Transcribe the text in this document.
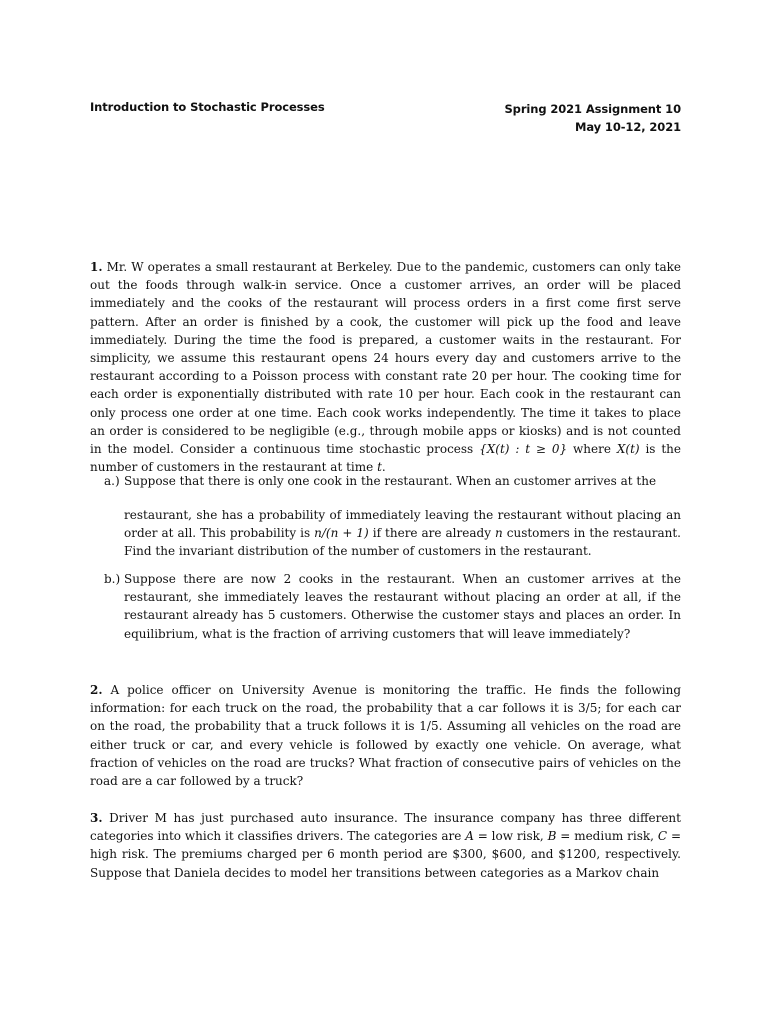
Introduction to Stochastic Processes	Spring 2021 Assignment 10
May 10-12, 2021

1. Mr. W operates a small restaurant at Berkeley. Due to the pandemic, customers can only take out the foods through walk-in service. Once a customer arrives, an order will be placed immediately and the cooks of the restaurant will process orders in a first come first serve pattern. After an order is finished by a cook, the customer will pick up the food and leave immediately. During the time the food is prepared, a customer waits in the restaurant. For simplicity, we assume this restaurant opens 24 hours every day and customers arrive to the restaurant according to a Poisson process with constant rate 20 per hour. The cooking time for each order is exponentially distributed with rate 10 per hour. Each cook in the restaurant can only process one order at one time. Each cook works independently. The time it takes to place an order is considered to be negligible (e.g., through mobile apps or kiosks) and is not counted in the model. Consider a continuous time stochastic process {X(t) : t ≥ 0} where X(t) is the number of customers in the restaurant at time t.

a.) Suppose that there is only one cook in the restaurant. When an customer arrives at the

restaurant, she has a probability of immediately leaving the restaurant without placing an order at all. This probability is n/(n + 1) if there are already n customers in the restaurant. Find the invariant distribution of the number of customers in the restaurant.

b.) Suppose there are now 2 cooks in the restaurant. When an customer arrives at the restaurant, she immediately leaves the restaurant without placing an order at all, if the restaurant already has 5 customers. Otherwise the customer stays and places an order. In equilibrium, what is the fraction of arriving customers that will leave immediately?

2. A police officer on University Avenue is monitoring the traffic. He finds the following information: for each truck on the road, the probability that a car follows it is 3/5; for each car on the road, the probability that a truck follows it is 1/5. Assuming all vehicles on the road are either truck or car, and every vehicle is followed by exactly one vehicle. On average, what fraction of vehicles on the road are trucks? What fraction of consecutive pairs of vehicles on the road are a car followed by a truck?

3. Driver M has just purchased auto insurance. The insurance company has three different categories into which it classifies drivers. The categories are A = low risk, B = medium risk, C = high risk. The premiums charged per 6 month period are $300, $600, and $1200, respectively. Suppose that Daniela decides to model her transitions between categories as a Markov chain
